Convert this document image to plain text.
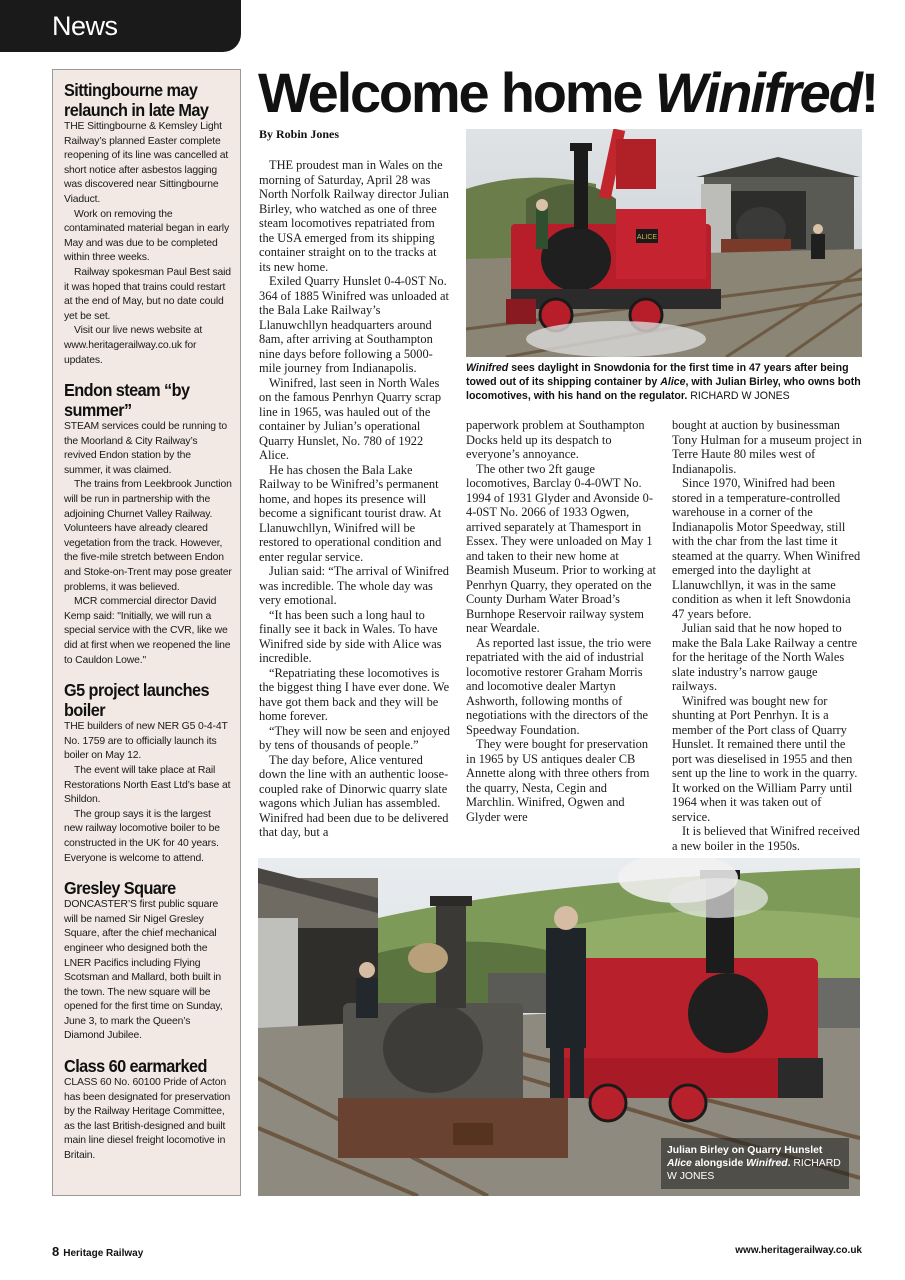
News
Sittingbourne may relaunch in late May

THE Sittingbourne & Kemsley Light Railway’s planned Easter complete reopening of its line was cancelled at short notice after asbestos lagging was discovered near Sittingbourne Viaduct.

Work on removing the contaminated material began in early May and was due to be completed within three weeks.

Railway spokesman Paul Best said it was hoped that trains could restart at the end of May, but no date could yet be set.

Visit our live news website at www.heritagerailway.co.uk for updates.

Endon steam “by summer”

STEAM services could be running to the Moorland & City Railway’s revived Endon station by the summer, it was claimed.

The trains from Leekbrook Junction will be run in partnership with the adjoining Churnet Valley Railway. Volunteers have already cleared vegetation from the track. However, the five-mile stretch between Endon and Stoke-on-Trent may pose greater problems, it was believed.

MCR commercial director David Kemp said: "Initially, we will run a special service with the CVR, like we did at first when we reopened the line to Cauldon Lowe."

G5 project launches boiler

THE builders of new NER G5 0-4-4T No. 1759 are to officially launch its boiler on May 12.

The event will take place at Rail Restorations North East Ltd’s base at Shildon.

The group says it is the largest new railway locomotive boiler to be constructed in the UK for 40 years. Everyone is welcome to attend.

Gresley Square

DONCASTER’S first public square will be named Sir Nigel Gresley Square, after the chief mechanical engineer who designed both the LNER Pacifics including Flying Scotsman and Mallard, both built in the town. The new square will be opened for the first time on Sunday, June 3, to mark the Queen’s Diamond Jubilee.

Class 60 earmarked

CLASS 60 No. 60100 Pride of Acton has been designated for preservation by the Railway Heritage Committee, as the last British-designed and built main line diesel freight locomotive in Britain.

Welcome home Winifred!
By Robin Jones
ALICE
Winifred sees daylight in Snowdonia for the first time in 47 years after being towed out of its shipping container by Alice, with Julian Birley, who owns both locomotives, with his hand on the regulator. RICHARD W JONES

THE proudest man in Wales on the morning of Saturday, April 28 was North Norfolk Railway director Julian Birley, who watched as one of three steam locomotives repatriated from the USA emerged from its shipping container straight on to the tracks at its new home.

Exiled Quarry Hunslet 0-4-0ST No. 364 of 1885 Winifred was unloaded at the Bala Lake Railway’s Llanuwchllyn headquarters around 8am, after arriving at Southampton nine days before following a 5000-mile journey from Indianapolis.

Winifred, last seen in North Wales on the famous Penrhyn Quarry scrap line in 1965, was hauled out of the container by Julian’s operational Quarry Hunslet, No. 780 of 1922 Alice.

He has chosen the Bala Lake Railway to be Winifred’s permanent home, and hopes its presence will become a significant tourist draw. At Llanuwchllyn, Winifred will be restored to operational condition and enter regular service.

Julian said: “The arrival of Winifred was incredible. The whole day was very emotional.

“It has been such a long haul to finally see it back in Wales. To have Winifred side by side with Alice was incredible.

“Repatriating these locomotives is the biggest thing I have ever done. We have got them back and they will be home forever.

“They will now be seen and enjoyed by tens of thousands of people.”

The day before, Alice ventured down the line with an authentic loose-coupled rake of Dinorwic quarry slate wagons which Julian has assembled. Winifred had been due to be delivered that day, but a

paperwork problem at Southampton Docks held up its despatch to everyone’s annoyance.

The other two 2ft gauge locomotives, Barclay 0-4-0WT No. 1994 of 1931 Glyder and Avonside 0-4-0ST No. 2066 of 1933 Ogwen, arrived separately at Thamesport in Essex. They were unloaded on May 1 and taken to their new home at Beamish Museum. Prior to working at Penrhyn Quarry, they operated on the County Durham Water Broad’s Burnhope Reservoir railway system near Weardale.

As reported last issue, the trio were repatriated with the aid of industrial locomotive restorer Graham Morris and locomotive dealer Martyn Ashworth, following months of negotiations with the directors of the Speedway Foundation.

They were bought for preservation in 1965 by US antiques dealer CB Annette along with three others from the quarry, Nesta, Cegin and Marchlin. Winifred, Ogwen and Glyder were

bought at auction by businessman Tony Hulman for a museum project in Terre Haute 80 miles west of Indianapolis.

Since 1970, Winifred had been stored in a temperature-controlled warehouse in a corner of the Indianapolis Motor Speedway, still with the char from the last time it steamed at the quarry. When Winifred emerged into the daylight at Llanuwchllyn, it was in the same condition as when it left Snowdonia 47 years before.

Julian said that he now hoped to make the Bala Lake Railway a centre for the heritage of the North Wales slate industry’s narrow gauge railways.

Winifred was bought new for shunting at Port Penrhyn. It is a member of the Port class of Quarry Hunslet. It remained there until the port was dieselised in 1955 and then sent up the line to work in the quarry. It worked on the William Parry until 1964 when it was taken out of service.

It is believed that Winifred received a new boiler in the 1950s.

Julian Birley on Quarry Hunslet Alice alongside Winifred. RICHARD W JONES
8 Heritage Railway	www.heritagerailway.co.uk
